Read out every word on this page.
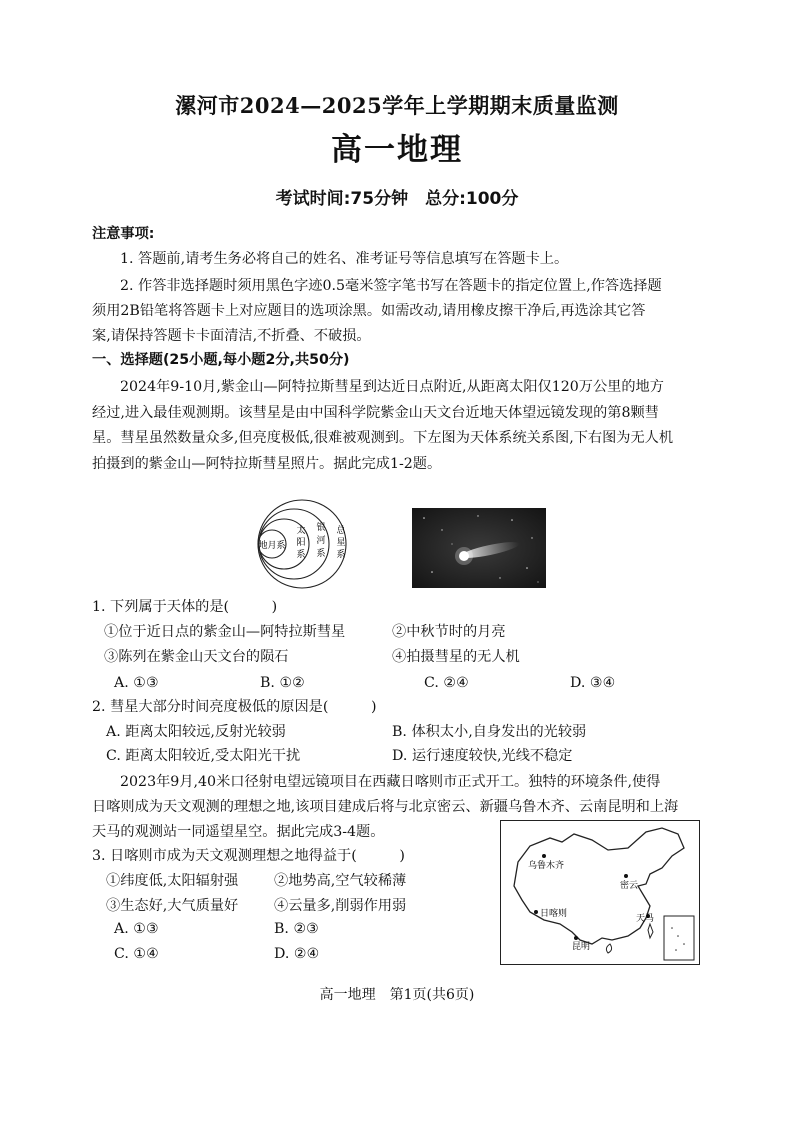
漯河市2024—2025学年上学期期末质量监测
高一地理
考试时间:75分钟　总分:100分
注意事项:
1. 答题前,请考生务必将自己的姓名、准考证号等信息填写在答题卡上。
2. 作答非选择题时须用黑色字迹0.5毫米签字笔书写在答题卡的指定位置上,作答选择题
须用2B铅笔将答题卡上对应题目的选项涂黑。如需改动,请用橡皮擦干净后,再选涂其它答
案,请保持答题卡卡面清洁,不折叠、不破损。
一、选择题(25小题,每小题2分,共50分)
2024年9-10月,紫金山—阿特拉斯彗星到达近日点附近,从距离太阳仅120万公里的地方
经过,进入最佳观测期。该彗星是由中国科学院紫金山天文台近地天体望远镜发现的第8颗彗
星。彗星虽然数量众多,但亮度极低,很难被观测到。下左图为天体系统关系图,下右图为无人机
拍摄到的紫金山—阿特拉斯彗星照片。据此完成1-2题。
地月系
太
阳
系
银
河
系
总
星
系
1. 下列属于天体的是(　　　)
①位于近日点的紫金山—阿特拉斯彗星	②中秋节时的月亮
③陈列在紫金山天文台的陨石	④拍摄彗星的无人机
A. ①③	B. ①②	C. ②④	D. ③④
2. 彗星大部分时间亮度极低的原因是(　　　)
A. 距离太阳较远,反射光较弱	B. 体积太小,自身发出的光较弱
C. 距离太阳较近,受太阳光干扰	D. 运行速度较快,光线不稳定
2023年9月,40米口径射电望远镜项目在西藏日喀则市正式开工。独特的环境条件,使得
日喀则成为天文观测的理想之地,该项目建成后将与北京密云、新疆乌鲁木齐、云南昆明和上海
天马的观测站一同遥望星空。据此完成3-4题。
3. 日喀则市成为天文观测理想之地得益于(　　　)
①纬度低,太阳辐射强	②地势高,空气较稀薄
③生态好,大气质量好	④云量多,削弱作用弱
A. ①③	B. ②③
C. ①④	D. ②④
乌鲁木齐
密云
日喀则	天马
昆明
高一地理　第1页(共6页)
